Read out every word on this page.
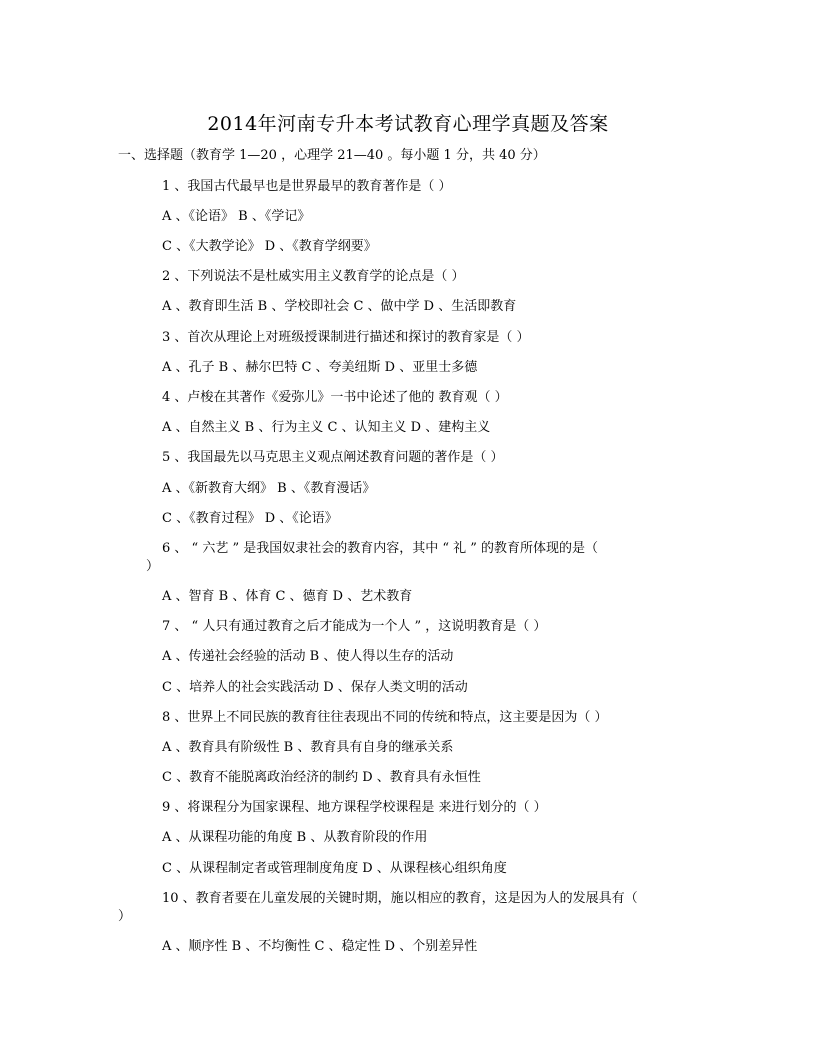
2014年河南专升本考试教育心理学真题及答案
一、选择题（教育学 1—20 ，心理学 21—40 。每小题 1 分，共 40 分）
1 、我国古代最早也是世界最早的教育著作是（ ）
A 、《论语》 B 、《学记》
C 、《大教学论》 D 、《教育学纲要》
2 、下列说法不是杜威实用主义教育学的论点是（ ）
A 、教育即生活 B 、学校即社会 C 、做中学 D 、生活即教育
3 、首次从理论上对班级授课制进行描述和探讨的教育家是（ ）
A 、孔子 B 、赫尔巴特 C 、夸美纽斯 D 、亚里士多德
4 、卢梭在其著作《爱弥儿》一书中论述了他的 教育观（ ）
A 、自然主义 B 、行为主义 C 、认知主义 D 、建构主义
5 、我国最先以马克思主义观点阐述教育问题的著作是（ ）
A 、《新教育大纲》 B 、《教育漫话》
C 、《教育过程》 D 、《论语》
6 、 “ 六艺 ” 是我国奴隶社会的教育内容，其中 “ 礼 ” 的教育所体现的是（
）
A 、智育 B 、体育 C 、德育 D 、艺术教育
7 、 “ 人只有通过教育之后才能成为一个人 ” ，这说明教育是（ ）
A 、传递社会经验的活动 B 、使人得以生存的活动
C 、培养人的社会实践活动 D 、保存人类文明的活动
8 、世界上不同民族的教育往往表现出不同的传统和特点，这主要是因为（ ）
A 、教育具有阶级性 B 、教育具有自身的继承关系
C 、教育不能脱离政治经济的制约 D 、教育具有永恒性
9 、将课程分为国家课程、地方课程学校课程是 来进行划分的（ ）
A 、从课程功能的角度 B 、从教育阶段的作用
C 、从课程制定者或管理制度角度 D 、从课程核心组织角度
10 、教育者要在儿童发展的关键时期，施以相应的教育，这是因为人的发展具有（
）
A 、顺序性 B 、不均衡性 C 、稳定性 D 、个别差异性
